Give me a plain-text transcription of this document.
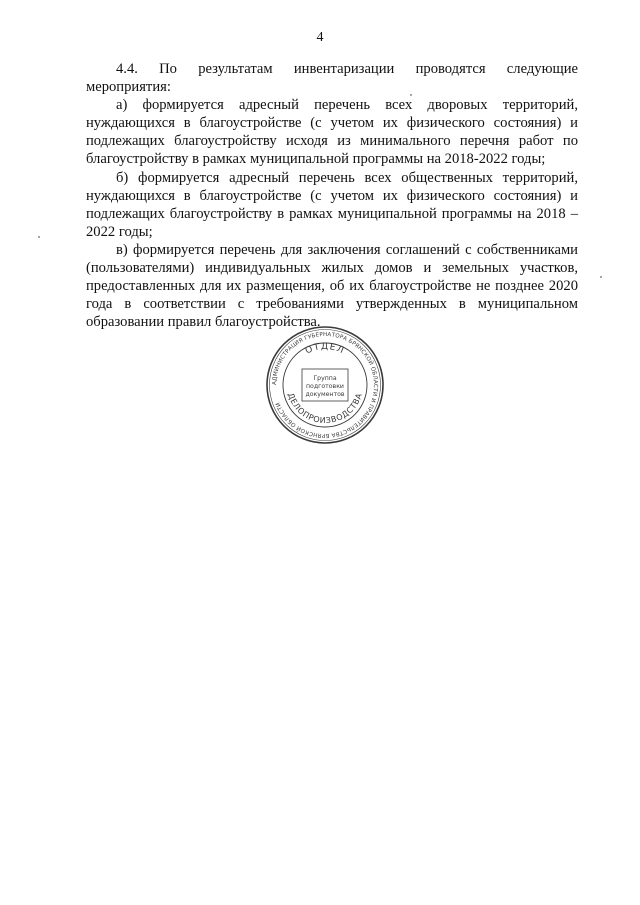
4

4.4. По результатам инвентаризации проводятся следующие мероприятия:

а) формируется адресный перечень всех дворовых территорий, нуждающихся в благоустройстве (с учетом их физического состояния) и подлежащих благоустройству исходя из минимального перечня работ по благоустройству в рамках муниципальной программы на 2018-2022 годы;

б) формируется адресный перечень всех общественных территорий, нуждающихся в благоустройстве (с учетом их физического состояния) и подлежащих благоустройству в рамках муниципальной программы на 2018 – 2022 годы;

в) формируется перечень для заключения соглашений с собственниками (пользователями) индивидуальных жилых домов и земельных участков, предоставленных для их размещения, об их благоустройстве не позднее 2020 года в соответствии с требованиями утвержденных в муниципальном образовании правил благоустройства.

АДМИНИСТРАЦИЯ ГУБЕРНАТОРА БРЯНСКОЙ ОБЛАСТИ И ПРАВИТЕЛЬСТВА БРЯНСКОЙ ОБЛАСТИ
ОТДЕЛ
ДЕЛОПРОИЗВОДСТВА
Группа
подготовки
документов
